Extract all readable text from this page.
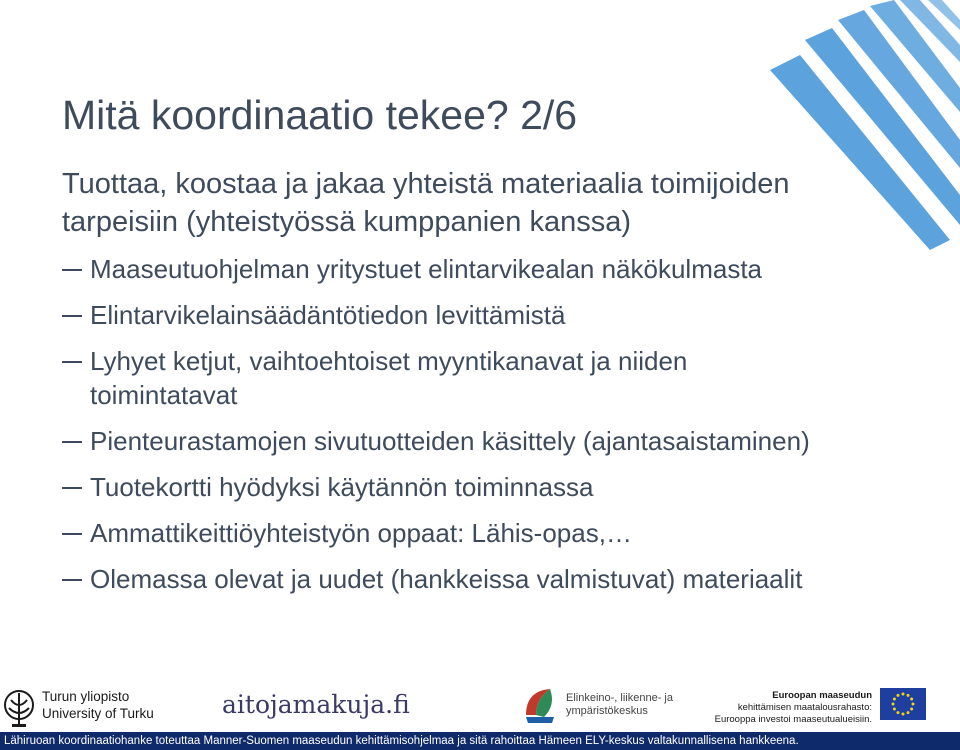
Mitä koordinaatio tekee? 2/6
Tuottaa, koostaa ja jakaa yhteistä materiaalia toimijoiden tarpeisiin (yhteistyössä kumppanien kanssa)
Maaseutuohjelman yritystuet elintarvikealan näkökulmasta
Elintarvikelainsäädäntötiedon levittämistä
Lyhyet ketjut, vaihtoehtoiset myyntikanavat ja niiden toimintatavat
Pienteurastamojen sivutuotteiden käsittely (ajantasaistaminen)
Tuotekortti hyödyksi käytännön toiminnassa
Ammattikeittiöyhteistyön oppaat: Lähis-opas,…
Olemassa olevat ja uudet (hankkeissa valmistuvat) materiaalit
Turun yliopisto
University of Turku	aitojamakuja.fi	Elinkeino-, liikenne- ja
ympäristökeskus
Euroopan maaseudun
kehittämisen maatalousrahasto:
Eurooppa investoi maaseutualueisiin.
Lähiruoan koordinaatiohanke toteuttaa Manner-Suomen maaseudun kehittämisohjelmaa ja sitä rahoittaa Hämeen ELY-keskus valtakunnallisena hankkeena.
